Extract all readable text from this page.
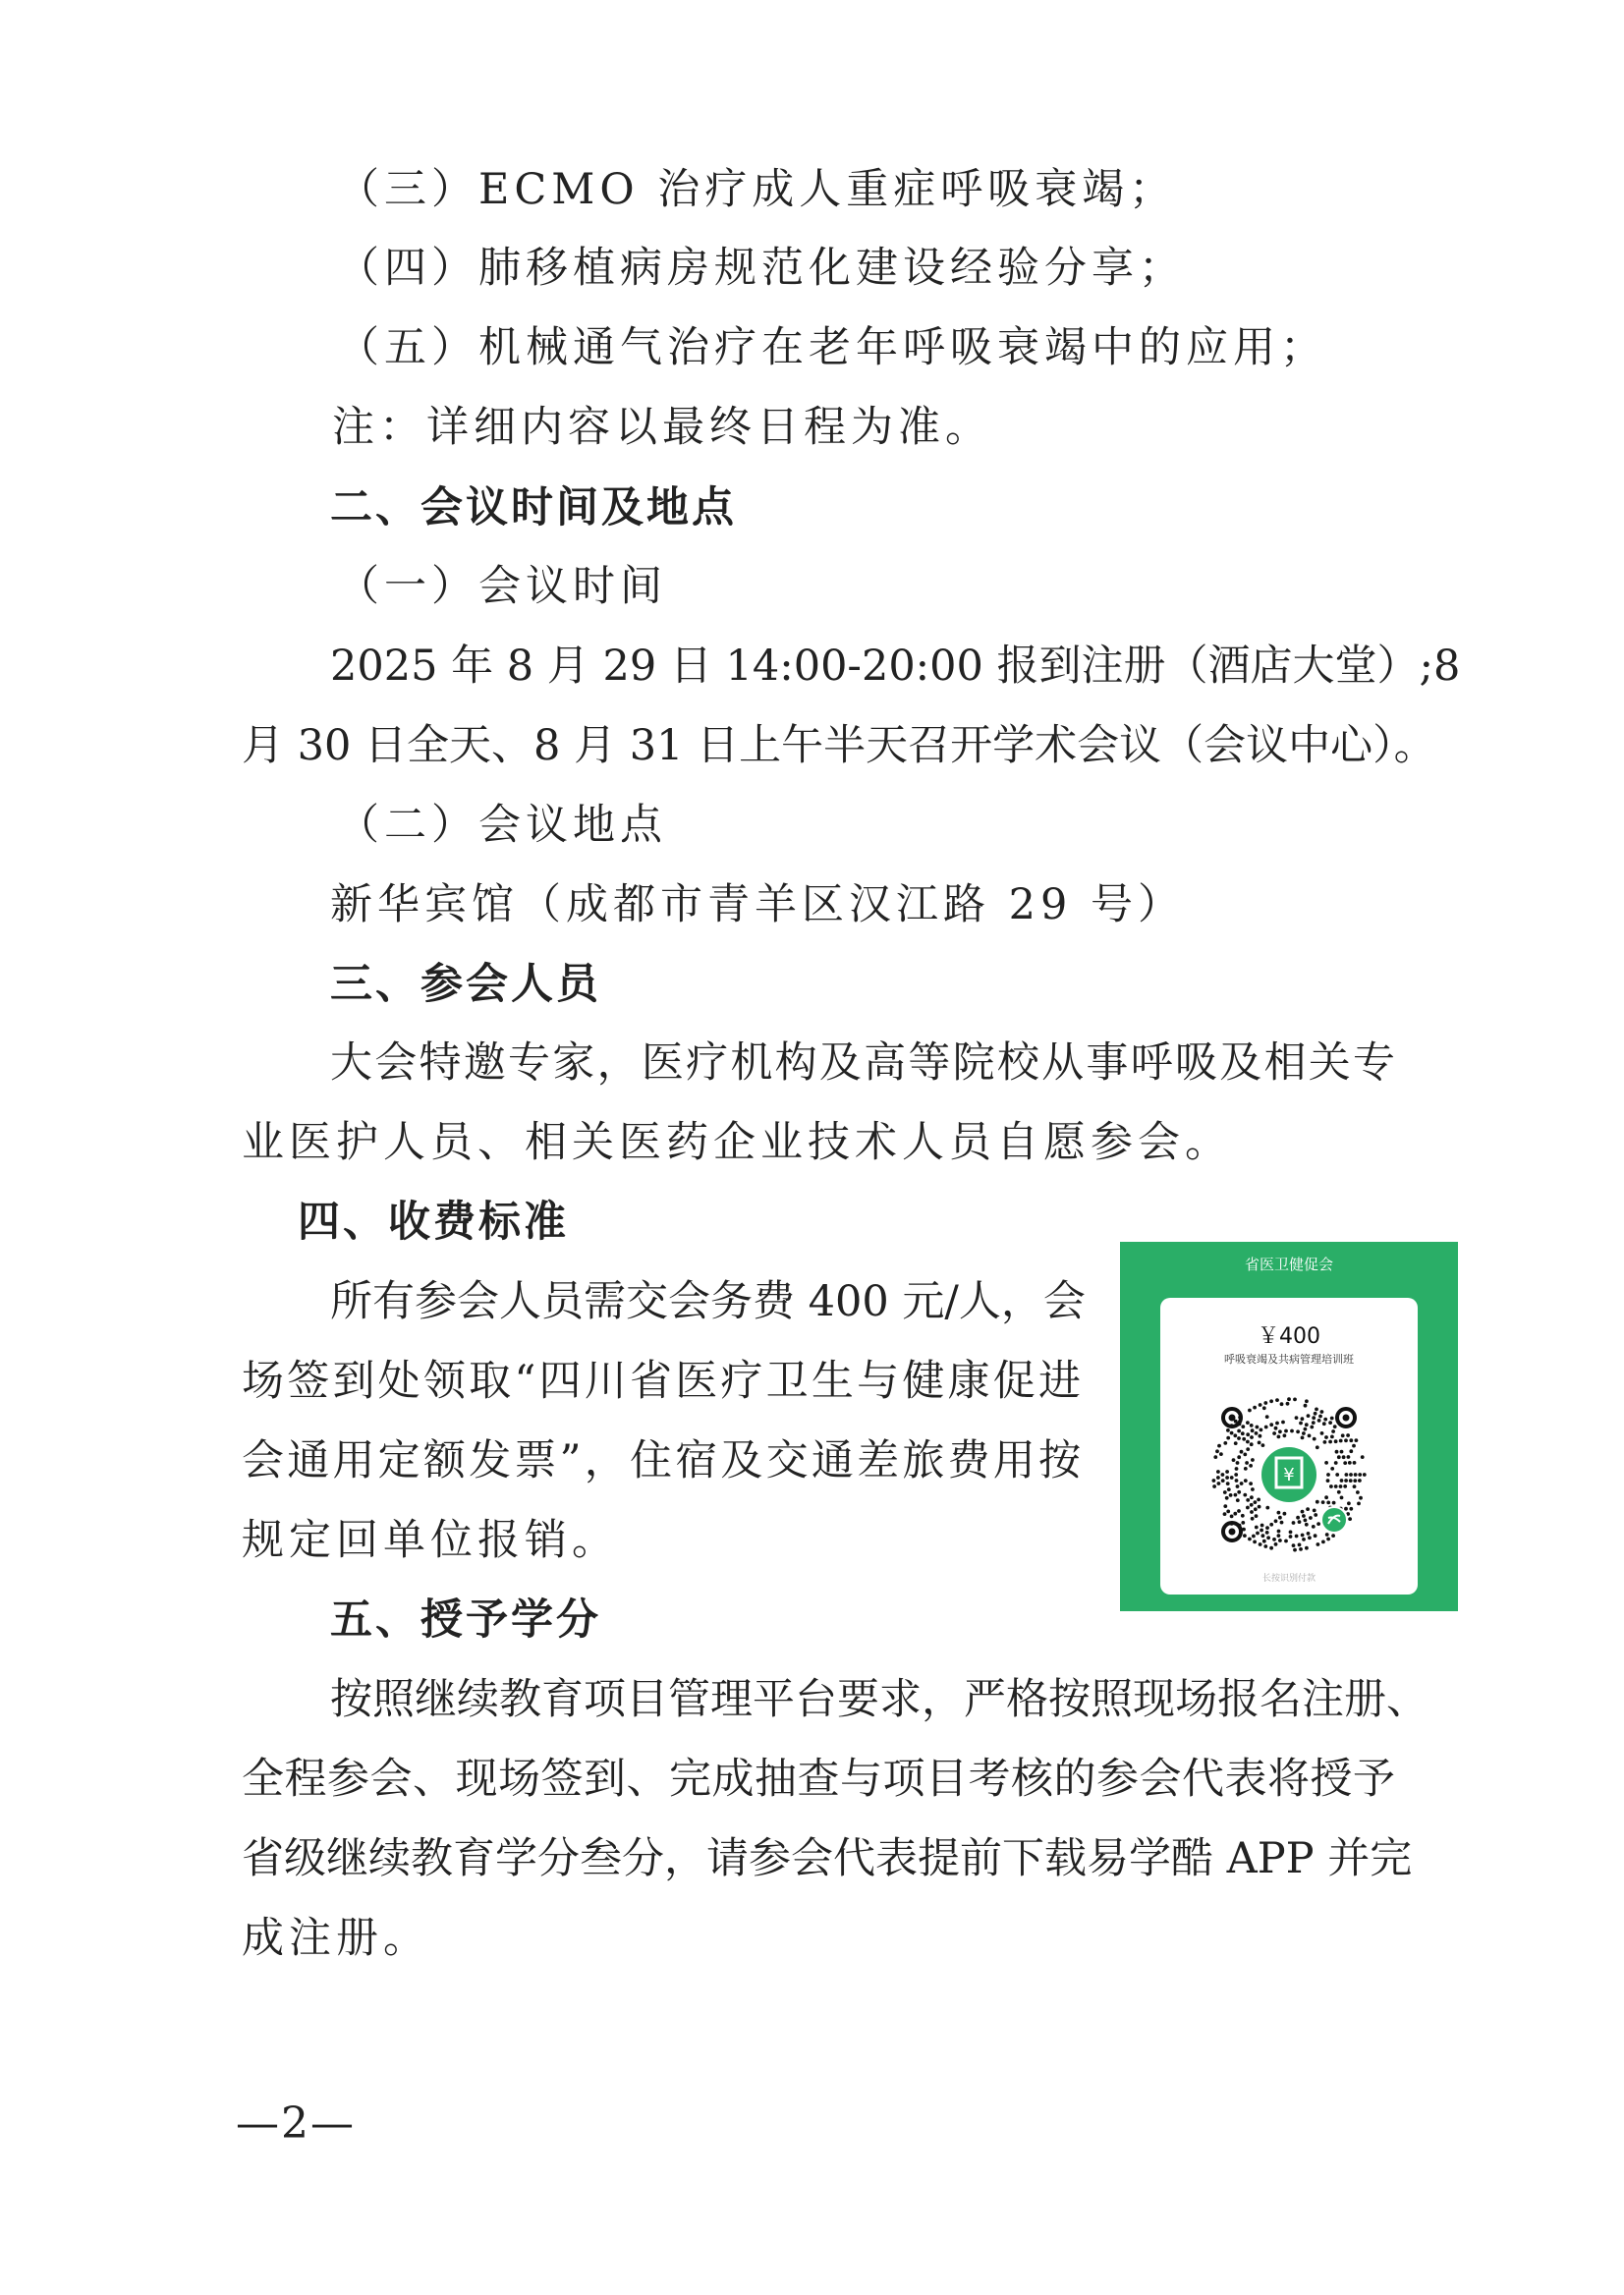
（三）ECMO 治疗成人重症呼吸衰竭；
（四）肺移植病房规范化建设经验分享；
（五）机械通气治疗在老年呼吸衰竭中的应用；
注：详细内容以最终日程为准。
二、会议时间及地点
（一）会议时间
2025 年 8 月 29 日 14:00-20:00 报到注册（酒店大堂）;8
月 30 日全天、8 月 31 日上午半天召开学术会议（会议中心）。
（二）会议地点
新华宾馆（成都市青羊区汉江路 29 号）
三、参会人员
大会特邀专家，医疗机构及高等院校从事呼吸及相关专
业医护人员、相关医药企业技术人员自愿参会。
四、收费标准
所有参会人员需交会务费 400 元/人，会
场签到处领取“四川省医疗卫生与健康促进
会通用定额发票”，住宿及交通差旅费用按
规定回单位报销。
五、授予学分
按照继续教育项目管理平台要求，严格按照现场报名注册、
全程参会、现场签到、完成抽查与项目考核的参会代表将授予
省级继续教育学分叁分，请参会代表提前下载易学酷 APP 并完
成注册。
省医卫健促会
￥400
呼吸衰竭及共病管理培训班
¥
长按识别付款
—2—
